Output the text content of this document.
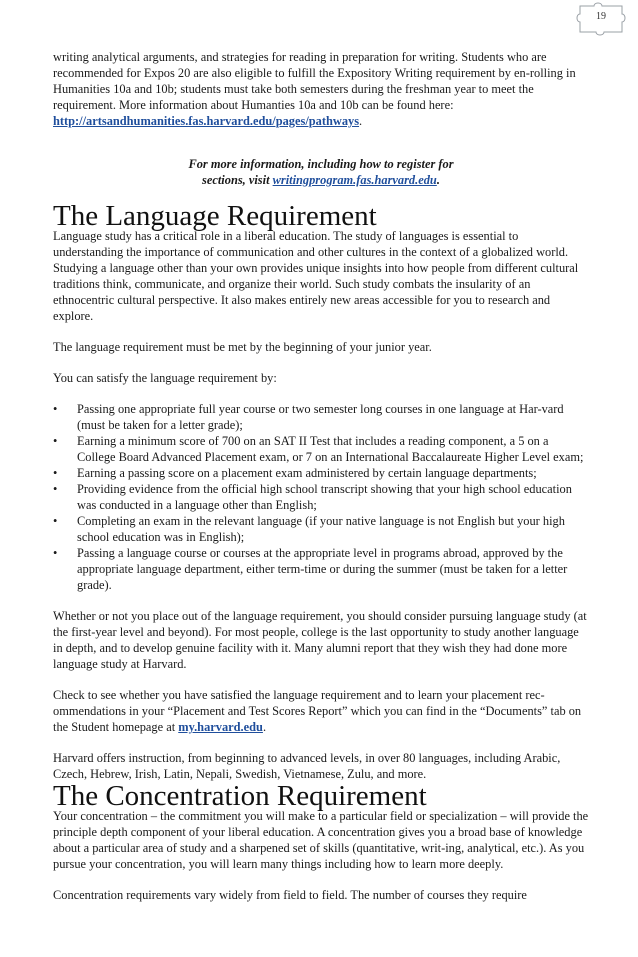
19

writing analytical arguments, and strategies for reading in preparation for writing. Students who are recommended for Expos 20 are also eligible to fulfill the Expository Writing requirement by en-rolling in Humanities 10a and 10b; students must take both semesters during the freshman year to meet the requirement. More information about Humanties 10a and 10b can be found here: http://artsandhumanities.fas.harvard.edu/pages/pathways.

For more information, including how to register for
sections, visit writingprogram.fas.harvard.edu.
The Language Requirement

Language study has a critical role in a liberal education. The study of languages is essential to understanding the importance of communication and other cultures in the context of a globalized world. Studying a language other than your own provides unique insights into how people from different cultural traditions think, communicate, and organize their world. Such study combats the insularity of an ethnocentric cultural perspective. It also makes entirely new areas accessible for you to research and explore.

The language requirement must be met by the beginning of your junior year.

You can satisfy the language requirement by:

• Passing one appropriate full year course or two semester long courses in one language at Har-vard (must be taken for a letter grade);
• Earning a minimum score of 700 on an SAT II Test that includes a reading component, a 5 on a College Board Advanced Placement exam, or 7 on an International Baccalaureate Higher Level exam;
• Earning a passing score on a placement exam administered by certain language departments;
• Providing evidence from the official high school transcript showing that your high school education was conducted in a language other than English;
• Completing an exam in the relevant language (if your native language is not English but your high school education was in English);
• Passing a language course or courses at the appropriate level in programs abroad, approved by the appropriate language department, either term-time or during the summer (must be taken for a letter grade).

Whether or not you place out of the language requirement, you should consider pursuing language study (at the first-year level and beyond). For most people, college is the last opportunity to study another language in depth, and to develop genuine facility with it. Many alumni report that they wish they had done more language study at Harvard.

Check to see whether you have satisfied the language requirement and to learn your placement rec-ommendations in your “Placement and Test Scores Report” which you can find in the “Documents” tab on the Student homepage at my.harvard.edu.

Harvard offers instruction, from beginning to advanced levels, in over 80 languages, including Arabic, Czech, Hebrew, Irish, Latin, Nepali, Swedish, Vietnamese, Zulu, and more.

The Concentration Requirement

Your concentration – the commitment you will make to a particular field or specialization – will provide the principle depth component of your liberal education. A concentration gives you a broad base of knowledge about a particular area of study and a sharpened set of skills (quantitative, writ-ing, analytical, etc.). As you pursue your concentration, you will learn many things including how to learn more deeply.

Concentration requirements vary widely from field to field. The number of courses they require
